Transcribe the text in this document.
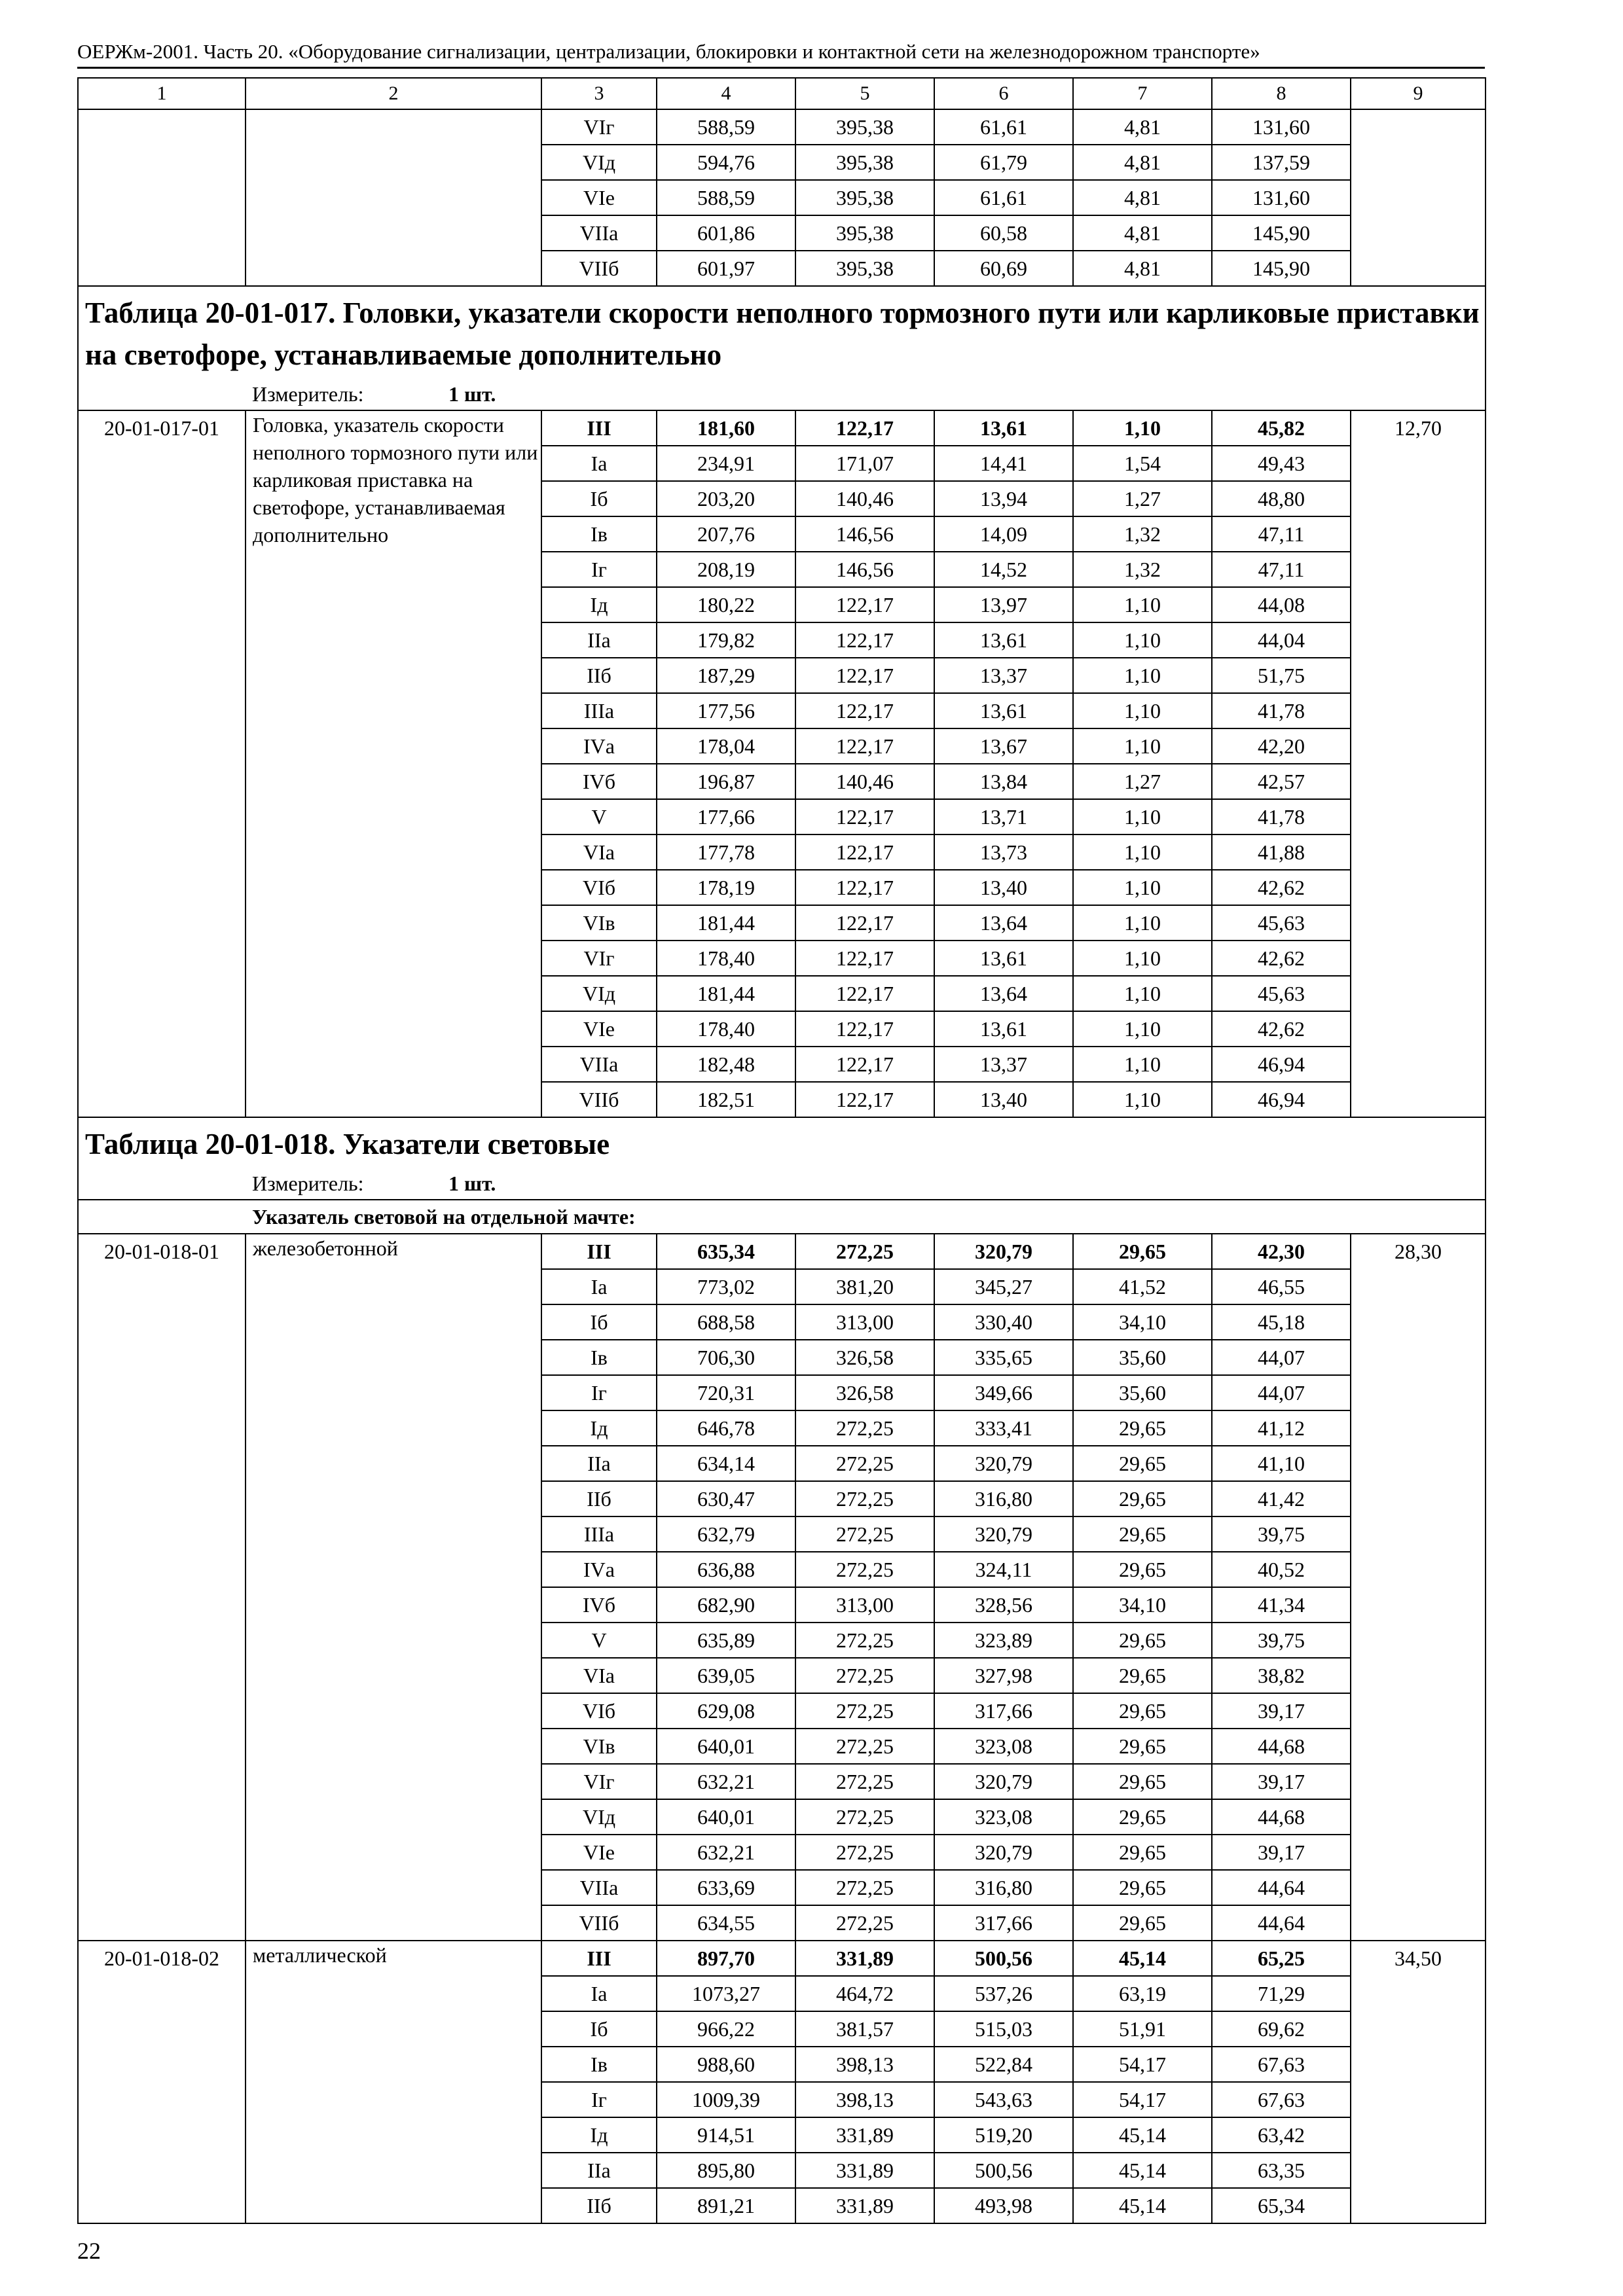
ОЕРЖм-2001. Часть 20. «Оборудование сигнализации, централизации, блокировки и контактной сети на железнодорожном транспорте»
1	2	3	4	5	6	7	8	9
		VIг	588,59	395,38	61,61	4,81	131,60	
		VIд	594,76	395,38	61,79	4,81	137,59	
		VIе	588,59	395,38	61,61	4,81	131,60	
		VIIа	601,86	395,38	60,58	4,81	145,90	
		VIIб	601,97	395,38	60,69	4,81	145,90	
Таблица 20-01-017. Головки, указатели скорости неполного тормозного пути или карликовые приставки на светофоре, устанавливаемые дополнительно								
	Измеритель: 1 шт.							
20-01-017-01	Головка, указатель скорости неполного тормозного пути или карликовая приставка на светофоре, устанавливаемая дополнительно	III	181,60	122,17	13,61	1,10	45,82	12,70
		Iа	234,91	171,07	14,41	1,54	49,43	
		Iб	203,20	140,46	13,94	1,27	48,80	
		Iв	207,76	146,56	14,09	1,32	47,11	
		Iг	208,19	146,56	14,52	1,32	47,11	
		Iд	180,22	122,17	13,97	1,10	44,08	
		IIа	179,82	122,17	13,61	1,10	44,04	
		IIб	187,29	122,17	13,37	1,10	51,75	
		IIIа	177,56	122,17	13,61	1,10	41,78	
		IVа	178,04	122,17	13,67	1,10	42,20	
		IVб	196,87	140,46	13,84	1,27	42,57	
		V	177,66	122,17	13,71	1,10	41,78	
		VIа	177,78	122,17	13,73	1,10	41,88	
		VIб	178,19	122,17	13,40	1,10	42,62	
		VIв	181,44	122,17	13,64	1,10	45,63	
		VIг	178,40	122,17	13,61	1,10	42,62	
		VIд	181,44	122,17	13,64	1,10	45,63	
		VIе	178,40	122,17	13,61	1,10	42,62	
		VIIа	182,48	122,17	13,37	1,10	46,94	
		VIIб	182,51	122,17	13,40	1,10	46,94	
Таблица 20-01-018. Указатели световые								
	Измеритель: 1 шт.							
	Указатель световой на отдельной мачте:							
20-01-018-01	железобетонной	III	635,34	272,25	320,79	29,65	42,30	28,30
		Iа	773,02	381,20	345,27	41,52	46,55	
		Iб	688,58	313,00	330,40	34,10	45,18	
		Iв	706,30	326,58	335,65	35,60	44,07	
		Iг	720,31	326,58	349,66	35,60	44,07	
		Iд	646,78	272,25	333,41	29,65	41,12	
		IIа	634,14	272,25	320,79	29,65	41,10	
		IIб	630,47	272,25	316,80	29,65	41,42	
		IIIа	632,79	272,25	320,79	29,65	39,75	
		IVа	636,88	272,25	324,11	29,65	40,52	
		IVб	682,90	313,00	328,56	34,10	41,34	
		V	635,89	272,25	323,89	29,65	39,75	
		VIа	639,05	272,25	327,98	29,65	38,82	
		VIб	629,08	272,25	317,66	29,65	39,17	
		VIв	640,01	272,25	323,08	29,65	44,68	
		VIг	632,21	272,25	320,79	29,65	39,17	
		VIд	640,01	272,25	323,08	29,65	44,68	
		VIе	632,21	272,25	320,79	29,65	39,17	
		VIIа	633,69	272,25	316,80	29,65	44,64	
		VIIб	634,55	272,25	317,66	29,65	44,64	
20-01-018-02	металлической	III	897,70	331,89	500,56	45,14	65,25	34,50
		Iа	1073,27	464,72	537,26	63,19	71,29	
		Iб	966,22	381,57	515,03	51,91	69,62	
		Iв	988,60	398,13	522,84	54,17	67,63	
		Iг	1009,39	398,13	543,63	54,17	67,63	
		Iд	914,51	331,89	519,20	45,14	63,42	
		IIа	895,80	331,89	500,56	45,14	63,35	
		IIб	891,21	331,89	493,98	45,14	65,34	
22
